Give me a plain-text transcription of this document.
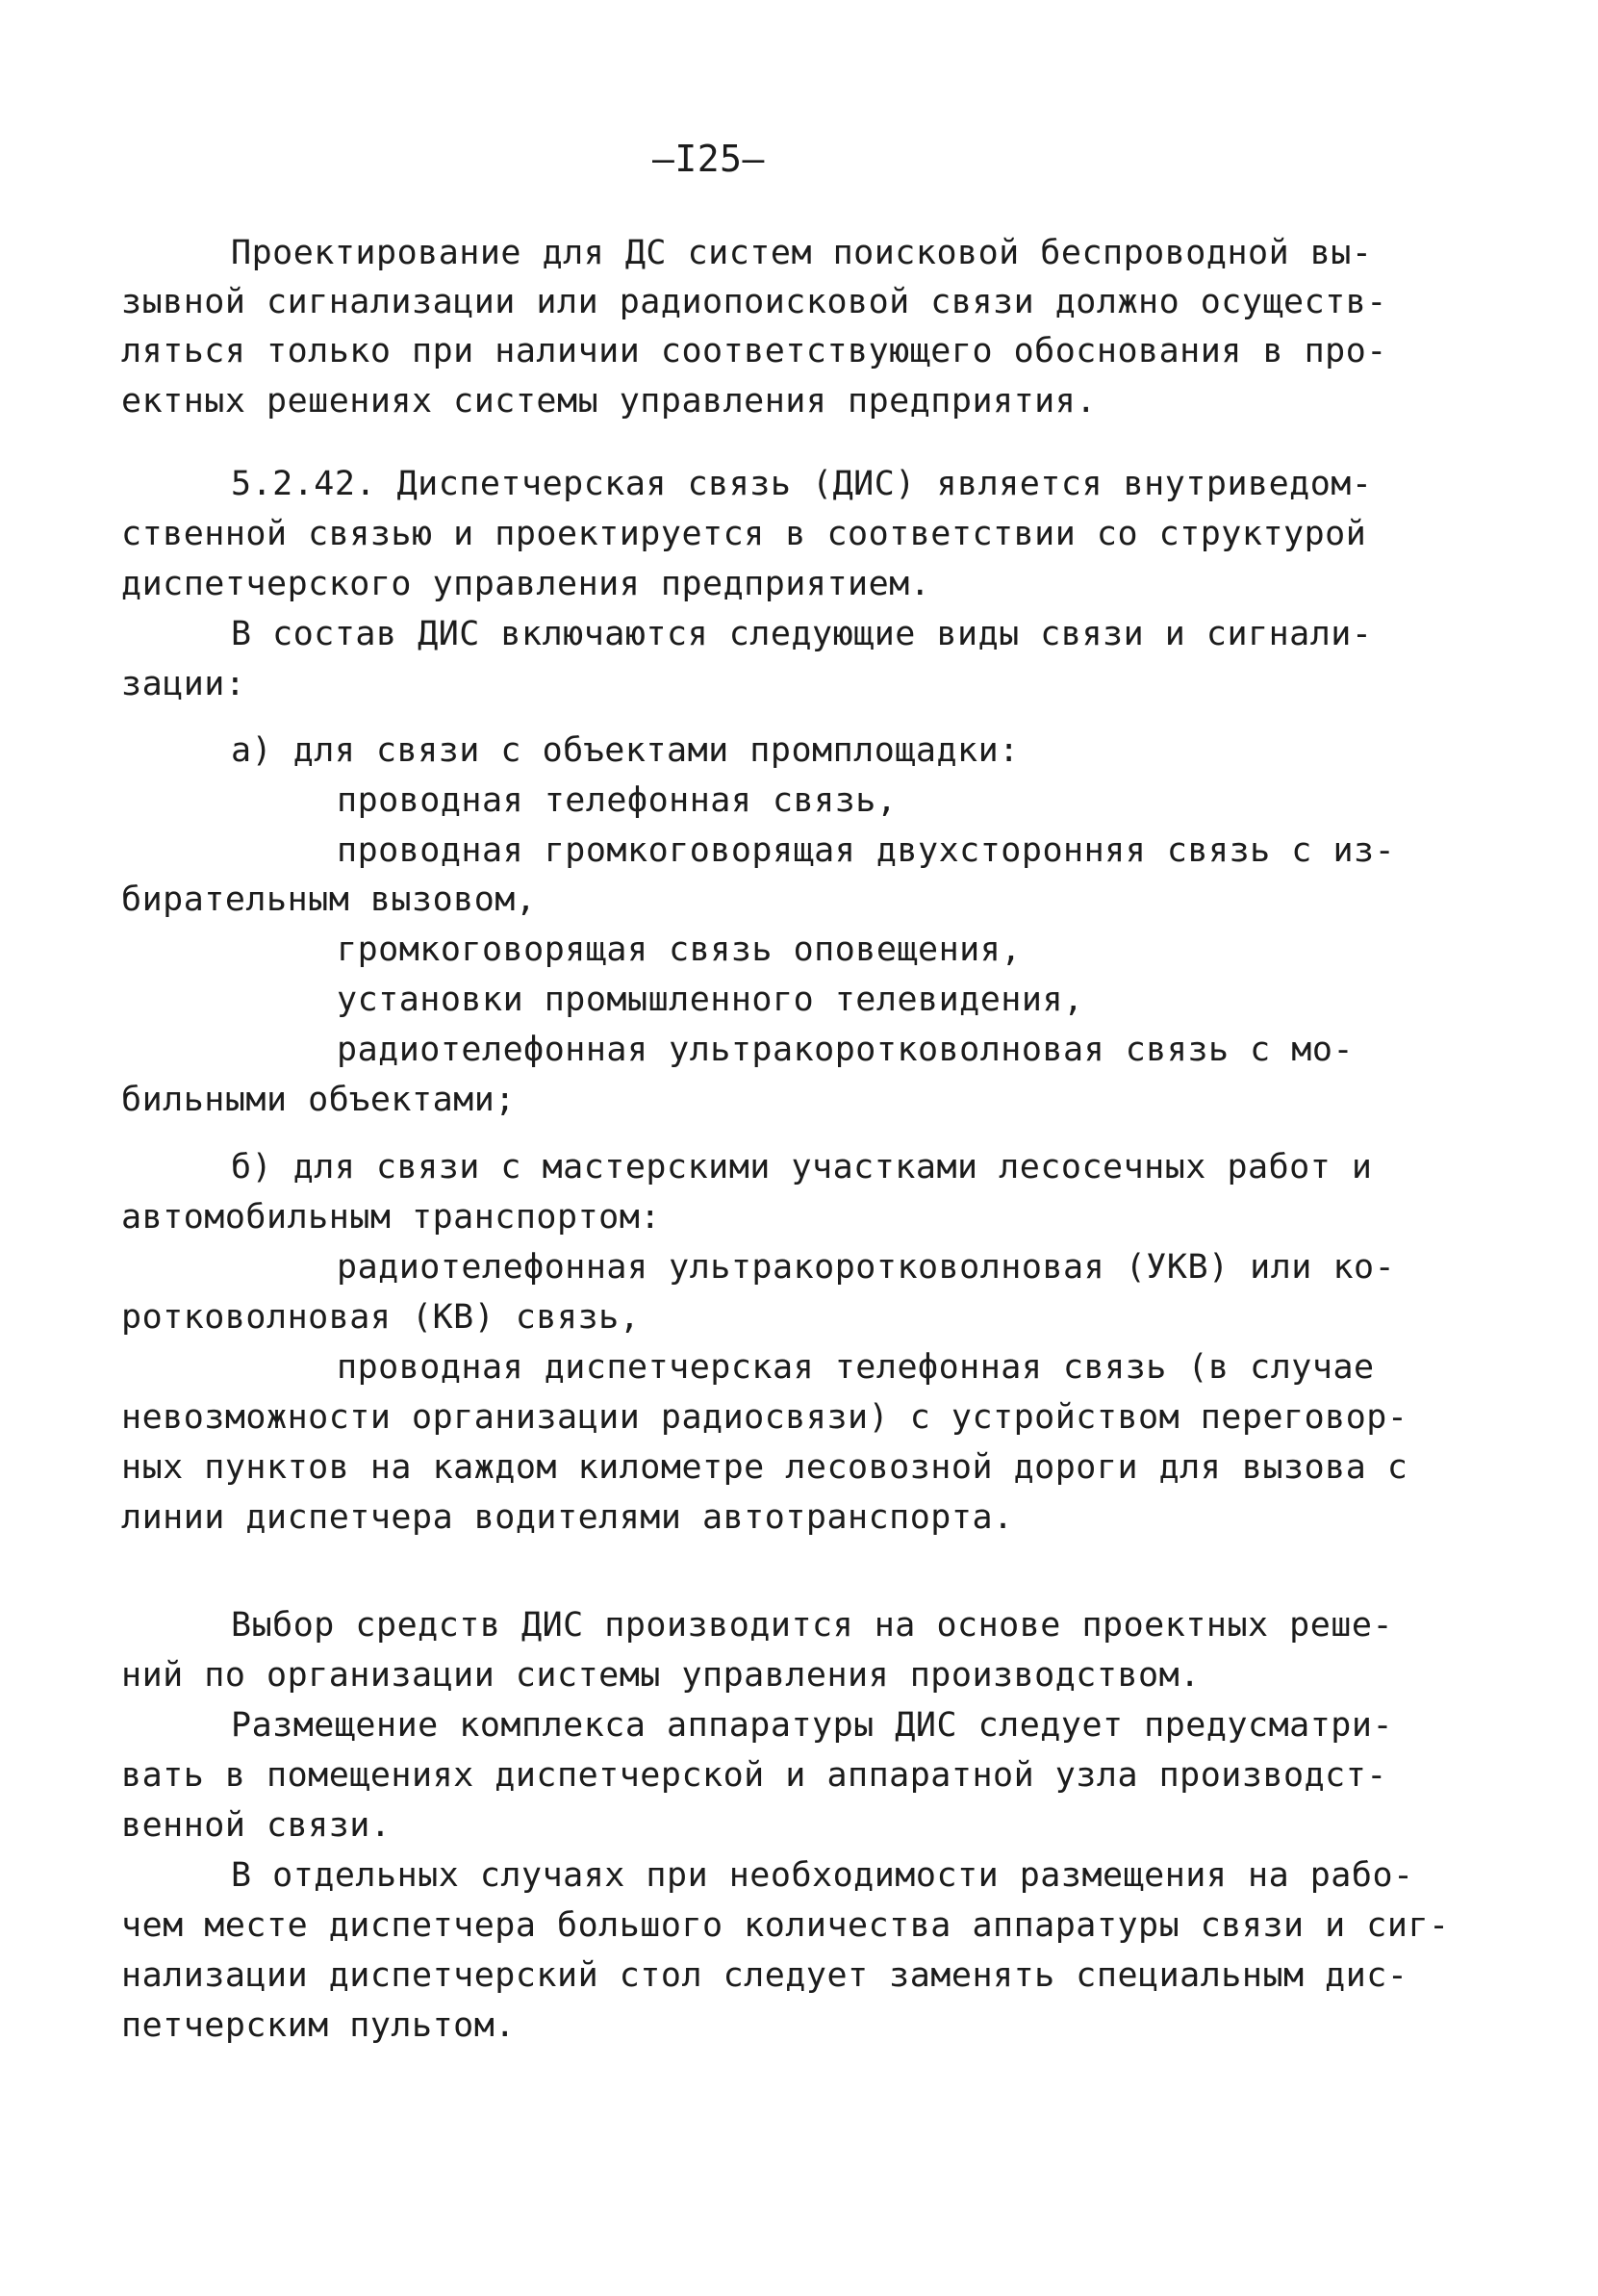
—I25—
Проектирование для ДС систем поисковой беспроводной вы-
зывной сигнализации или радиопоисковой связи должно осуществ-
ляться только при наличии соответствующего обоснования в про-
ектных решениях системы управления предприятия.
5.2.42. Диспетчерская связь (ДИС) является внутриведом-
ственной связью и проектируется в соответствии со структурой
диспетчерского управления предприятием.
В состав ДИС включаются следующие виды связи и сигнали-
зации:
а) для связи с объектами промплощадки:
проводная телефонная связь,
проводная громкоговорящая двухсторонняя связь с из-
бирательным вызовом,
громкоговорящая связь оповещения,
установки промышленного телевидения,
радиотелефонная ультракоротковолновая связь с мо-
бильными объектами;
б) для связи с мастерскими участками лесосечных работ и
автомобильным транспортом:
радиотелефонная ультракоротковолновая (УКВ) или ко-
ротковолновая (КВ) связь,
проводная диспетчерская телефонная связь (в случае
невозможности организации радиосвязи) с устройством переговор-
ных пунктов на каждом километре лесовозной дороги для вызова с
линии диспетчера водителями автотранспорта.
Выбор средств ДИС производится на основе проектных реше-
ний по организации системы управления производством.
Размещение комплекса аппаратуры ДИС следует предусматри-
вать в помещениях диспетчерской и аппаратной узла производст-
венной связи.
В отдельных случаях при необходимости размещения на рабо-
чем месте диспетчера большого количества аппаратуры связи и сиг-
нализации диспетчерский стол следует заменять специальным дис-
петчерским пультом.
